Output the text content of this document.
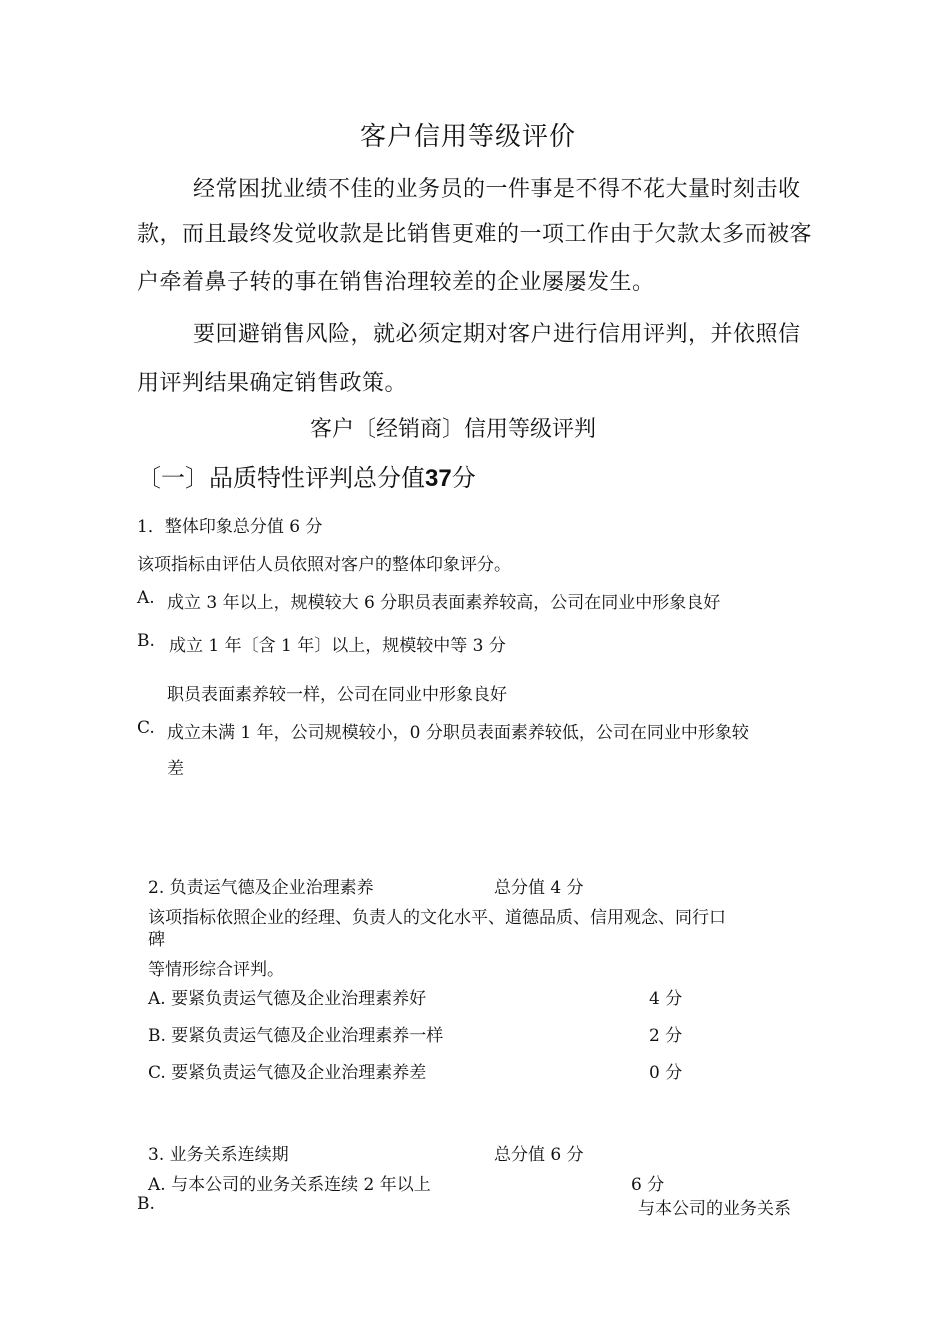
客户信用等级评价
经常困扰业绩不佳的业务员的一件事是不得不花大量时刻击收
款，而且最终发觉收款是比销售更难的一项工作由于欠款太多而被客
户牵着鼻子转的事在销售治理较差的企业屡屡发生。
要回避销售风险，就必须定期对客户进行信用评判，并依照信
用评判结果确定销售政策。
客户〔经销商〕信用等级评判
〔一〕品质特性评判总分值37分
1．整体印象总分值 6 分
该项指标由评估人员依照对客户的整体印象评分。
A. 成立 3 年以上，规模较大 6 分职员表面素养较高，公司在同业中形象良好
B. 成立 1 年〔含 1 年〕以上，规模较中等 3 分
职员表面素养较一样，公司在同业中形象良好
C. 成立未满 1 年，公司规模较小，0 分职员表面素养较低，公司在同业中形象较
差
2. 负责运气德及企业治理素养	总分值 4 分
该项指标依照企业的经理、负责人的文化水平、道德品质、信用观念、同行口
碑
等情形综合评判。
A. 要紧负责运气德及企业治理素养好	4 分
B. 要紧负责运气德及企业治理素养一样	2 分
C. 要紧负责运气德及企业治理素养差	0 分
3. 业务关系连续期	总分值 6 分
A. 与本公司的业务关系连续 2 年以上	6 分
B.	与本公司的业务关系
